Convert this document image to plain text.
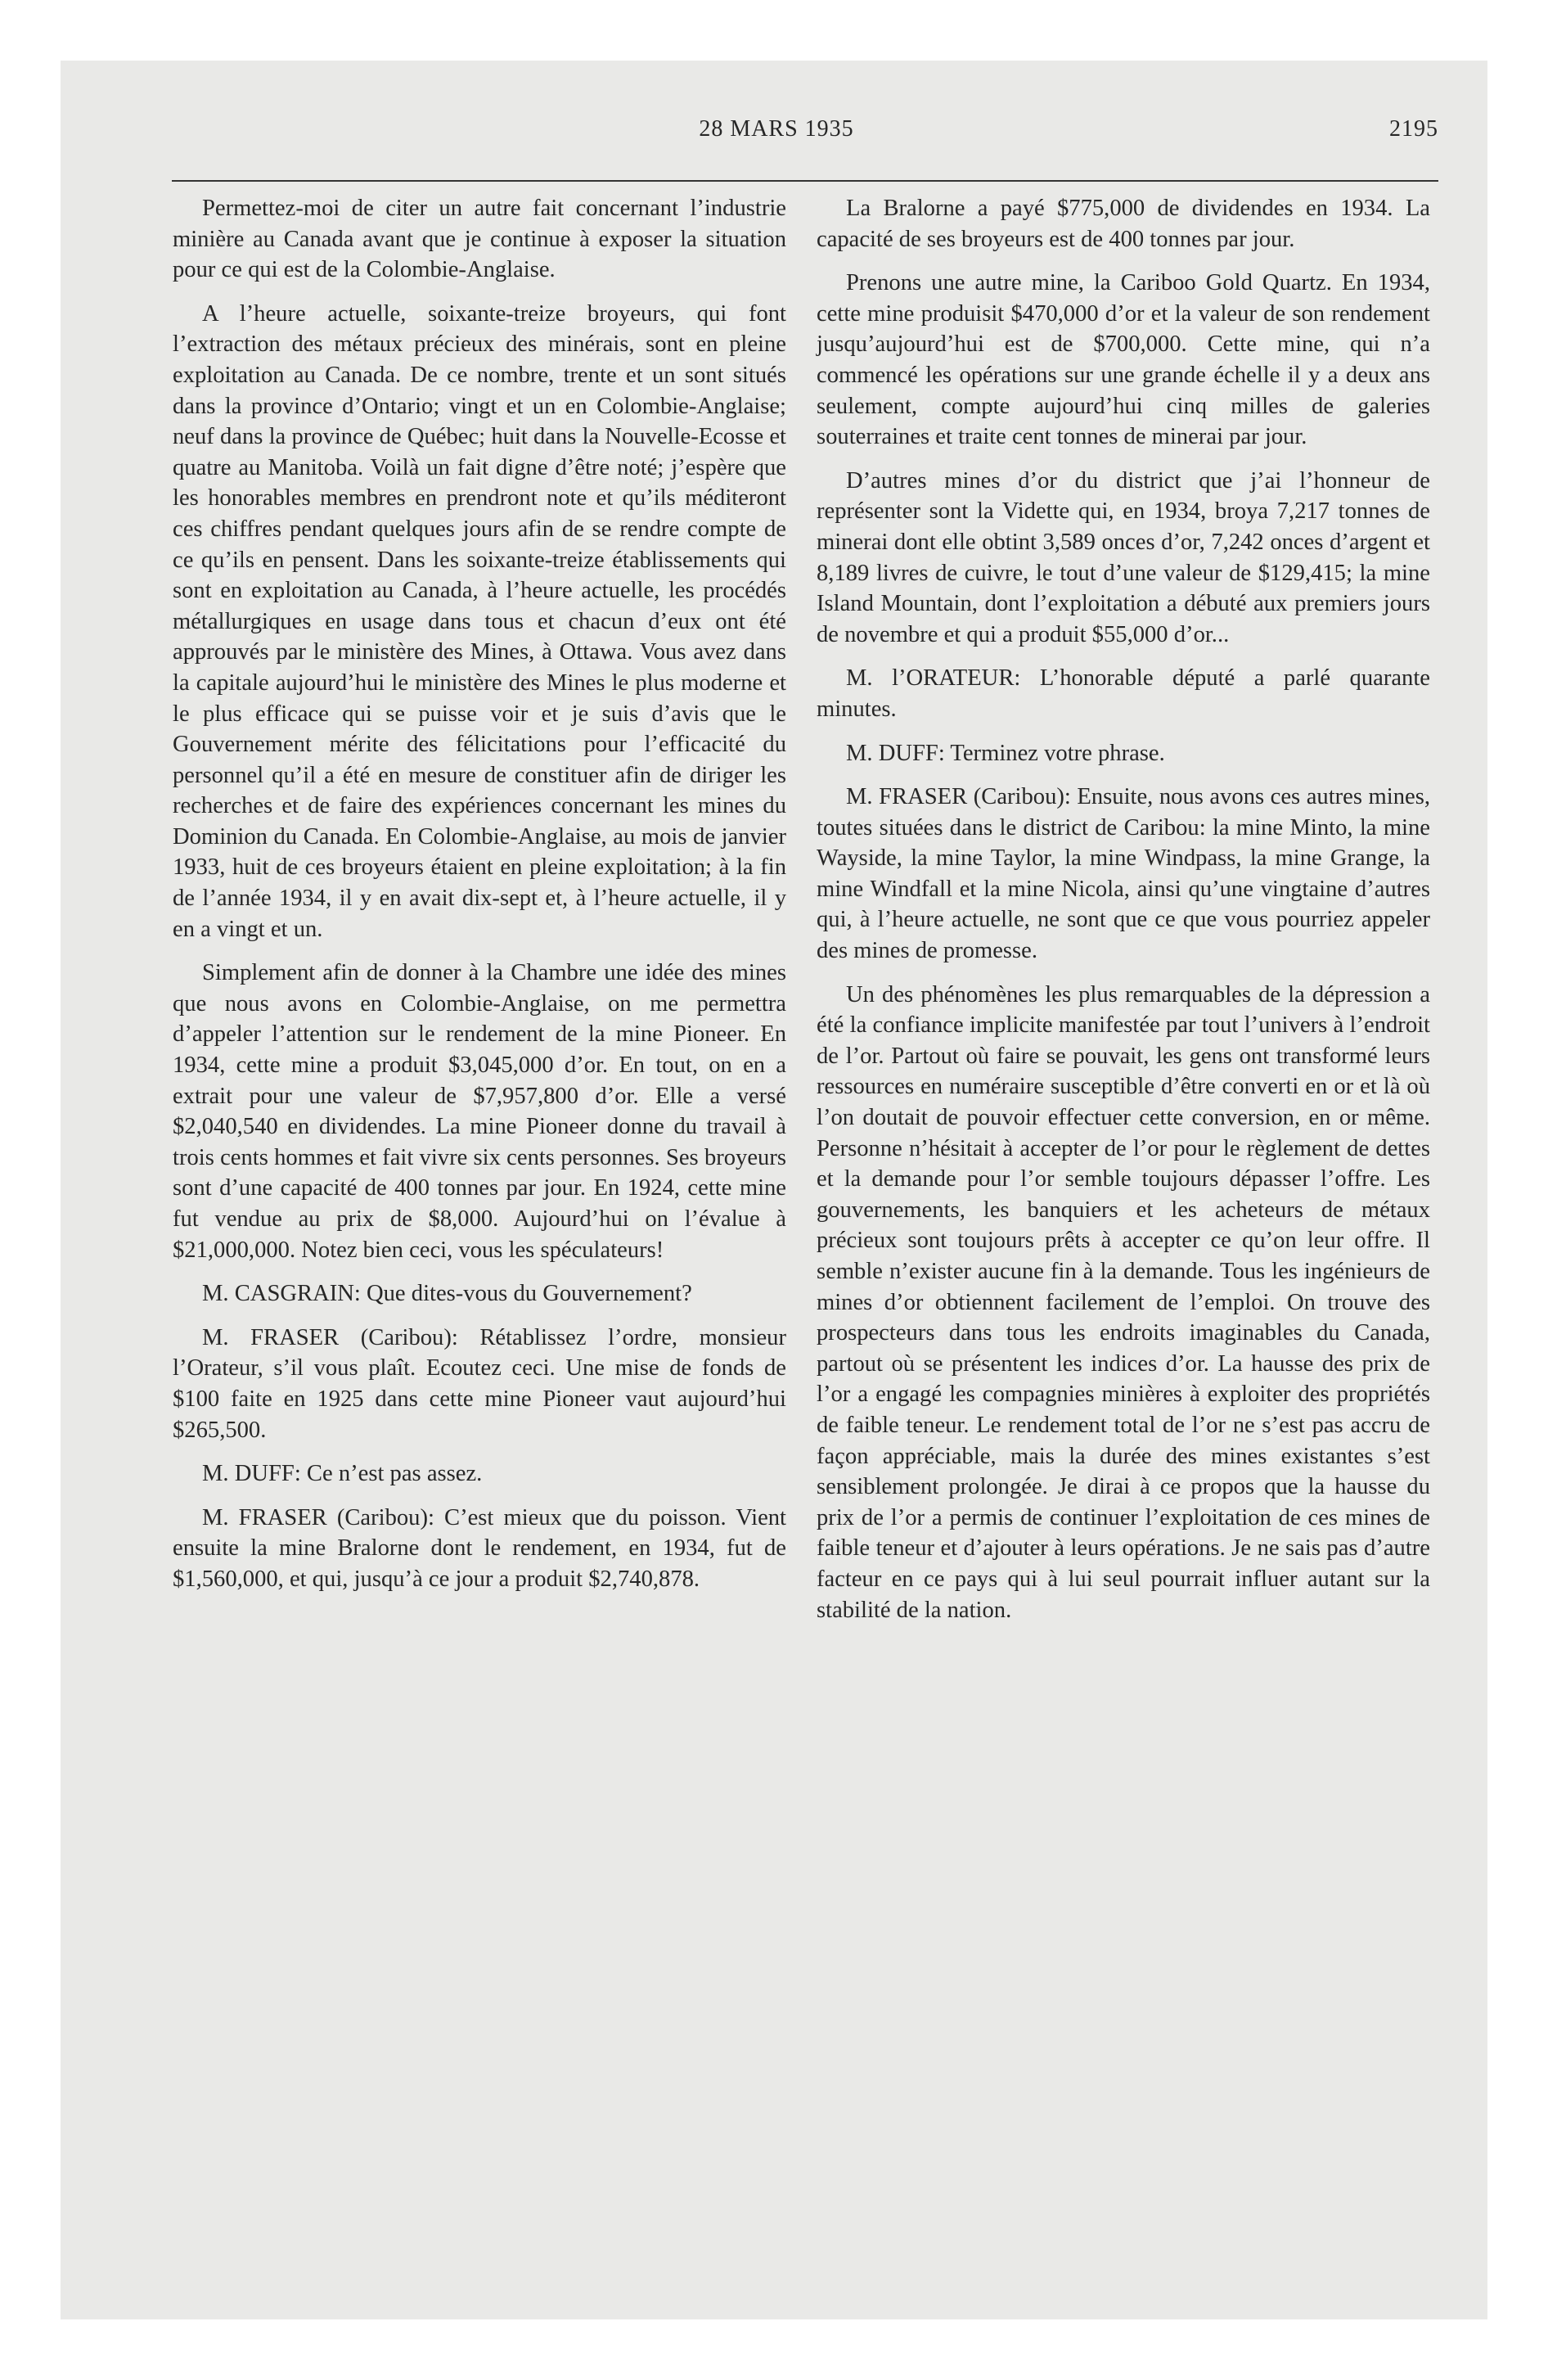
28 MARS 1935	2195

Permettez-moi de citer un autre fait concernant l’industrie minière au Canada avant que je continue à exposer la situation pour ce qui est de la Colombie-Anglaise.

A l’heure actuelle, soixante-treize broyeurs, qui font l’extraction des métaux précieux des minérais, sont en pleine exploitation au Canada. De ce nombre, trente et un sont situés dans la province d’Ontario; vingt et un en Colombie-Anglaise; neuf dans la province de Québec; huit dans la Nouvelle-Ecosse et quatre au Manitoba. Voilà un fait digne d’être noté; j’espère que les honorables membres en prendront note et qu’ils méditeront ces chiffres pendant quelques jours afin de se rendre compte de ce qu’ils en pensent. Dans les soixante-treize établissements qui sont en exploitation au Canada, à l’heure actuelle, les procédés métallurgiques en usage dans tous et chacun d’eux ont été approuvés par le ministère des Mines, à Ottawa. Vous avez dans la capitale aujourd’hui le ministère des Mines le plus moderne et le plus efficace qui se puisse voir et je suis d’avis que le Gouvernement mérite des félicitations pour l’efficacité du personnel qu’il a été en mesure de constituer afin de diriger les recherches et de faire des expériences concernant les mines du Dominion du Canada. En Colombie-Anglaise, au mois de janvier 1933, huit de ces broyeurs étaient en pleine exploitation; à la fin de l’année 1934, il y en avait dix-sept et, à l’heure actuelle, il y en a vingt et un.

Simplement afin de donner à la Chambre une idée des mines que nous avons en Colombie-Anglaise, on me permettra d’appeler l’attention sur le rendement de la mine Pioneer. En 1934, cette mine a produit $3,045,000 d’or. En tout, on en a extrait pour une valeur de $7,957,800 d’or. Elle a versé $2,040,540 en dividendes. La mine Pioneer donne du travail à trois cents hommes et fait vivre six cents personnes. Ses broyeurs sont d’une capacité de 400 tonnes par jour. En 1924, cette mine fut vendue au prix de $8,000. Aujourd’hui on l’évalue à $21,000,000. Notez bien ceci, vous les spéculateurs!

M. CASGRAIN: Que dites-vous du Gouvernement?

M. FRASER (Caribou): Rétablissez l’ordre, monsieur l’Orateur, s’il vous plaît. Ecoutez ceci. Une mise de fonds de $100 faite en 1925 dans cette mine Pioneer vaut aujourd’hui $265,500.

M. DUFF: Ce n’est pas assez.

M. FRASER (Caribou): C’est mieux que du poisson. Vient ensuite la mine Bralorne dont le rendement, en 1934, fut de $1,560,000, et qui, jusqu’à ce jour a produit $2,740,878.

La Bralorne a payé $775,000 de dividendes en 1934. La capacité de ses broyeurs est de 400 tonnes par jour.

Prenons une autre mine, la Cariboo Gold Quartz. En 1934, cette mine produisit $470,000 d’or et la valeur de son rendement jusqu’aujourd’hui est de $700,000. Cette mine, qui n’a commencé les opérations sur une grande échelle il y a deux ans seulement, compte aujourd’hui cinq milles de galeries souterraines et traite cent tonnes de minerai par jour.

D’autres mines d’or du district que j’ai l’honneur de représenter sont la Vidette qui, en 1934, broya 7,217 tonnes de minerai dont elle obtint 3,589 onces d’or, 7,242 onces d’argent et 8,189 livres de cuivre, le tout d’une valeur de $129,415; la mine Island Mountain, dont l’exploitation a débuté aux premiers jours de novembre et qui a produit $55,000 d’or...

M. l’ORATEUR: L’honorable député a parlé quarante minutes.

M. DUFF: Terminez votre phrase.

M. FRASER (Caribou): Ensuite, nous avons ces autres mines, toutes situées dans le district de Caribou: la mine Minto, la mine Wayside, la mine Taylor, la mine Windpass, la mine Grange, la mine Windfall et la mine Nicola, ainsi qu’une vingtaine d’autres qui, à l’heure actuelle, ne sont que ce que vous pourriez appeler des mines de promesse.

Un des phénomènes les plus remarquables de la dépression a été la confiance implicite manifestée par tout l’univers à l’endroit de l’or. Partout où faire se pouvait, les gens ont transformé leurs ressources en numéraire susceptible d’être converti en or et là où l’on doutait de pouvoir effectuer cette conversion, en or même. Personne n’hésitait à accepter de l’or pour le règlement de dettes et la demande pour l’or semble toujours dépasser l’offre. Les gouvernements, les banquiers et les acheteurs de métaux précieux sont toujours prêts à accepter ce qu’on leur offre. Il semble n’exister aucune fin à la demande. Tous les ingénieurs de mines d’or obtiennent facilement de l’emploi. On trouve des prospecteurs dans tous les endroits imaginables du Canada, partout où se présentent les indices d’or. La hausse des prix de l’or a engagé les compagnies minières à exploiter des propriétés de faible teneur. Le rendement total de l’or ne s’est pas accru de façon appréciable, mais la durée des mines existantes s’est sensiblement prolongée. Je dirai à ce propos que la hausse du prix de l’or a permis de continuer l’exploitation de ces mines de faible teneur et d’ajouter à leurs opérations. Je ne sais pas d’autre facteur en ce pays qui à lui seul pourrait influer autant sur la stabilité de la nation.
